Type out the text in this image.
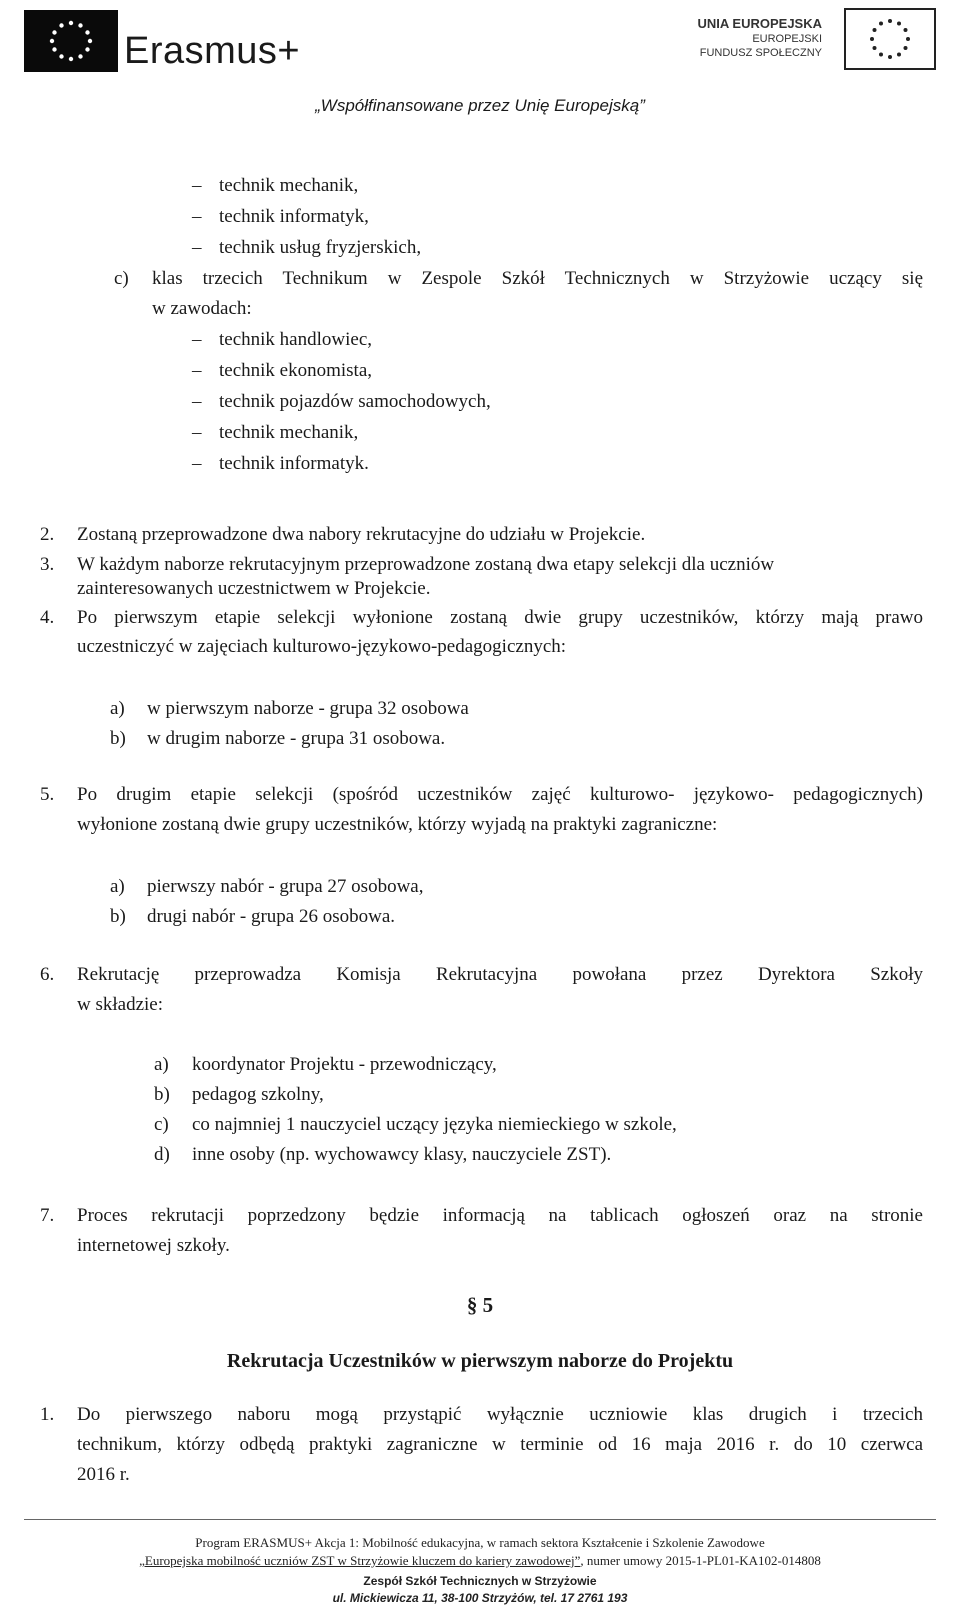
Erasmus+
UNIA EUROPEJSKA
EUROPEJSKI
FUNDUSZ SPOŁECZNY
„Współfinansowane przez Unię Europejską”
– technik mechanik,
– technik informatyk,
– technik usług fryzjerskich,
c) klas trzecich Technikum w Zespole Szkół Technicznych w Strzyżowie uczący się
w zawodach:
– technik handlowiec,
– technik ekonomista,
– technik pojazdów samochodowych,
– technik mechanik,
– technik informatyk.
2. Zostaną przeprowadzone dwa nabory rekrutacyjne do udziału w Projekcie.
3. W każdym naborze rekrutacyjnym przeprowadzone zostaną dwa etapy selekcji dla uczniów
zainteresowanych uczestnictwem w Projekcie.
4. Po pierwszym etapie selekcji wyłonione zostaną dwie grupy uczestników, którzy mają prawo
uczestniczyć w zajęciach kulturowo-językowo-pedagogicznych:
a) w pierwszym naborze - grupa 32 osobowa
b) w drugim naborze - grupa 31 osobowa.
5. Po drugim etapie selekcji (spośród uczestników zajęć kulturowo- językowo- pedagogicznych)
wyłonione zostaną dwie grupy uczestników, którzy wyjadą na praktyki zagraniczne:
a) pierwszy nabór - grupa 27 osobowa,
b) drugi nabór - grupa 26 osobowa.
6. Rekrutację przeprowadza Komisja Rekrutacyjna powołana przez Dyrektora Szkoły
w składzie:
a) koordynator Projektu - przewodniczący,
b) pedagog szkolny,
c) co najmniej 1 nauczyciel uczący języka niemieckiego w szkole,
d) inne osoby (np. wychowawcy klasy, nauczyciele ZST).
7. Proces rekrutacji poprzedzony będzie informacją na tablicach ogłoszeń oraz na stronie
internetowej szkoły.
§ 5
Rekrutacja Uczestników w pierwszym naborze do Projektu
1. Do pierwszego naboru mogą przystąpić wyłącznie uczniowie klas drugich i trzecich
technikum, którzy odbędą praktyki zagraniczne w terminie od 16 maja 2016 r. do 10 czerwca
2016 r.
Program ERASMUS+ Akcja 1: Mobilność edukacyjna, w ramach sektora Kształcenie i Szkolenie Zawodowe
„Europejska mobilność uczniów ZST w Strzyżowie kluczem do kariery zawodowej”, numer umowy 2015-1-PL01-KA102-014808
Zespół Szkół Technicznych w Strzyżowie
ul. Mickiewicza 11, 38-100 Strzyżów, tel. 17 2761 193
